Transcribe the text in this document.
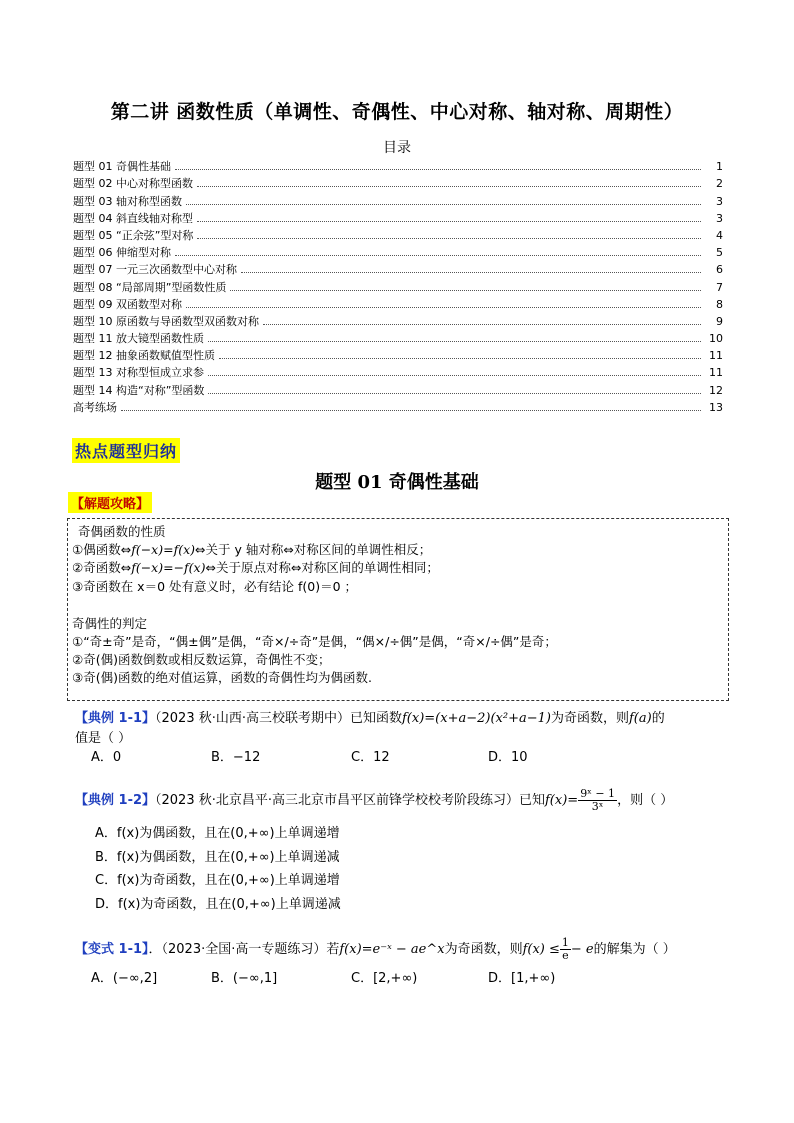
第二讲 函数性质（单调性、奇偶性、中心对称、轴对称、周期性）
目录
题型 01 奇偶性基础	1
题型 02 中心对称型函数	2
题型 03 轴对称型函数	3
题型 04 斜直线轴对称型	3
题型 05 “正余弦”型对称	4
题型 06 伸缩型对称	5
题型 07 一元三次函数型中心对称	6
题型 08 “局部周期”型函数性质	7
题型 09 双函数型对称	8
题型 10 原函数与导函数型双函数对称	9
题型 11 放大镜型函数性质	10
题型 12 抽象函数赋值型性质	11
题型 13 对称型恒成立求参	11
题型 14 构造“对称”型函数	12
高考练场	13
热点题型归纳
题型 01 奇偶性基础
【解题攻略】
奇偶函数的性质
①偶函数⇔f(−x)=f(x)⇔关于 y 轴对称⇔对称区间的单调性相反；
②奇函数⇔f(−x)=−f(x)⇔关于原点对称⇔对称区间的单调性相同；
③奇函数在 x＝0 处有意义时，必有结论 f(0)＝0 ；
奇偶性的判定
①“奇±奇”是奇，“偶±偶”是偶，“奇×/÷奇”是偶，“偶×/÷偶”是偶，“奇×/÷偶”是奇；
②奇(偶)函数倒数或相反数运算，奇偶性不变；
③奇(偶)函数的绝对值运算，函数的奇偶性均为偶函数.
【典例 1-1】（2023 秋·山西·高三校联考期中）已知函数f(x)=(x+a−2)(x²+a−1)为奇函数，则f(a)的
值是（ ）
A．0	B．−12	C．12	D．10
【典例 1-2】（2023 秋·北京昌平·高三北京市昌平区前锋学校校考阶段练习）已知$f(x)= \frac{\text{9ˣ − 1}}{\text{3ˣ}}$ ，则（ ）
A．f(x)为偶函数，且在(0,+∞)上单调递增
B．f(x)为偶函数，且在(0,+∞)上单调递减
C．f(x)为奇函数，且在(0,+∞)上单调递增
D．f(x)为奇函数，且在(0,+∞)上单调递减
【变式 1-1】．（2023·全国·高一专题练习）若f(x)=e⁻ˣ − ae^x为奇函数，则$f(x) \le \frac{1}{e} - e$的解集为（ ）
A．(−∞,2]	B．(−∞,1]	C．[2,+∞)	D．[1,+∞)
